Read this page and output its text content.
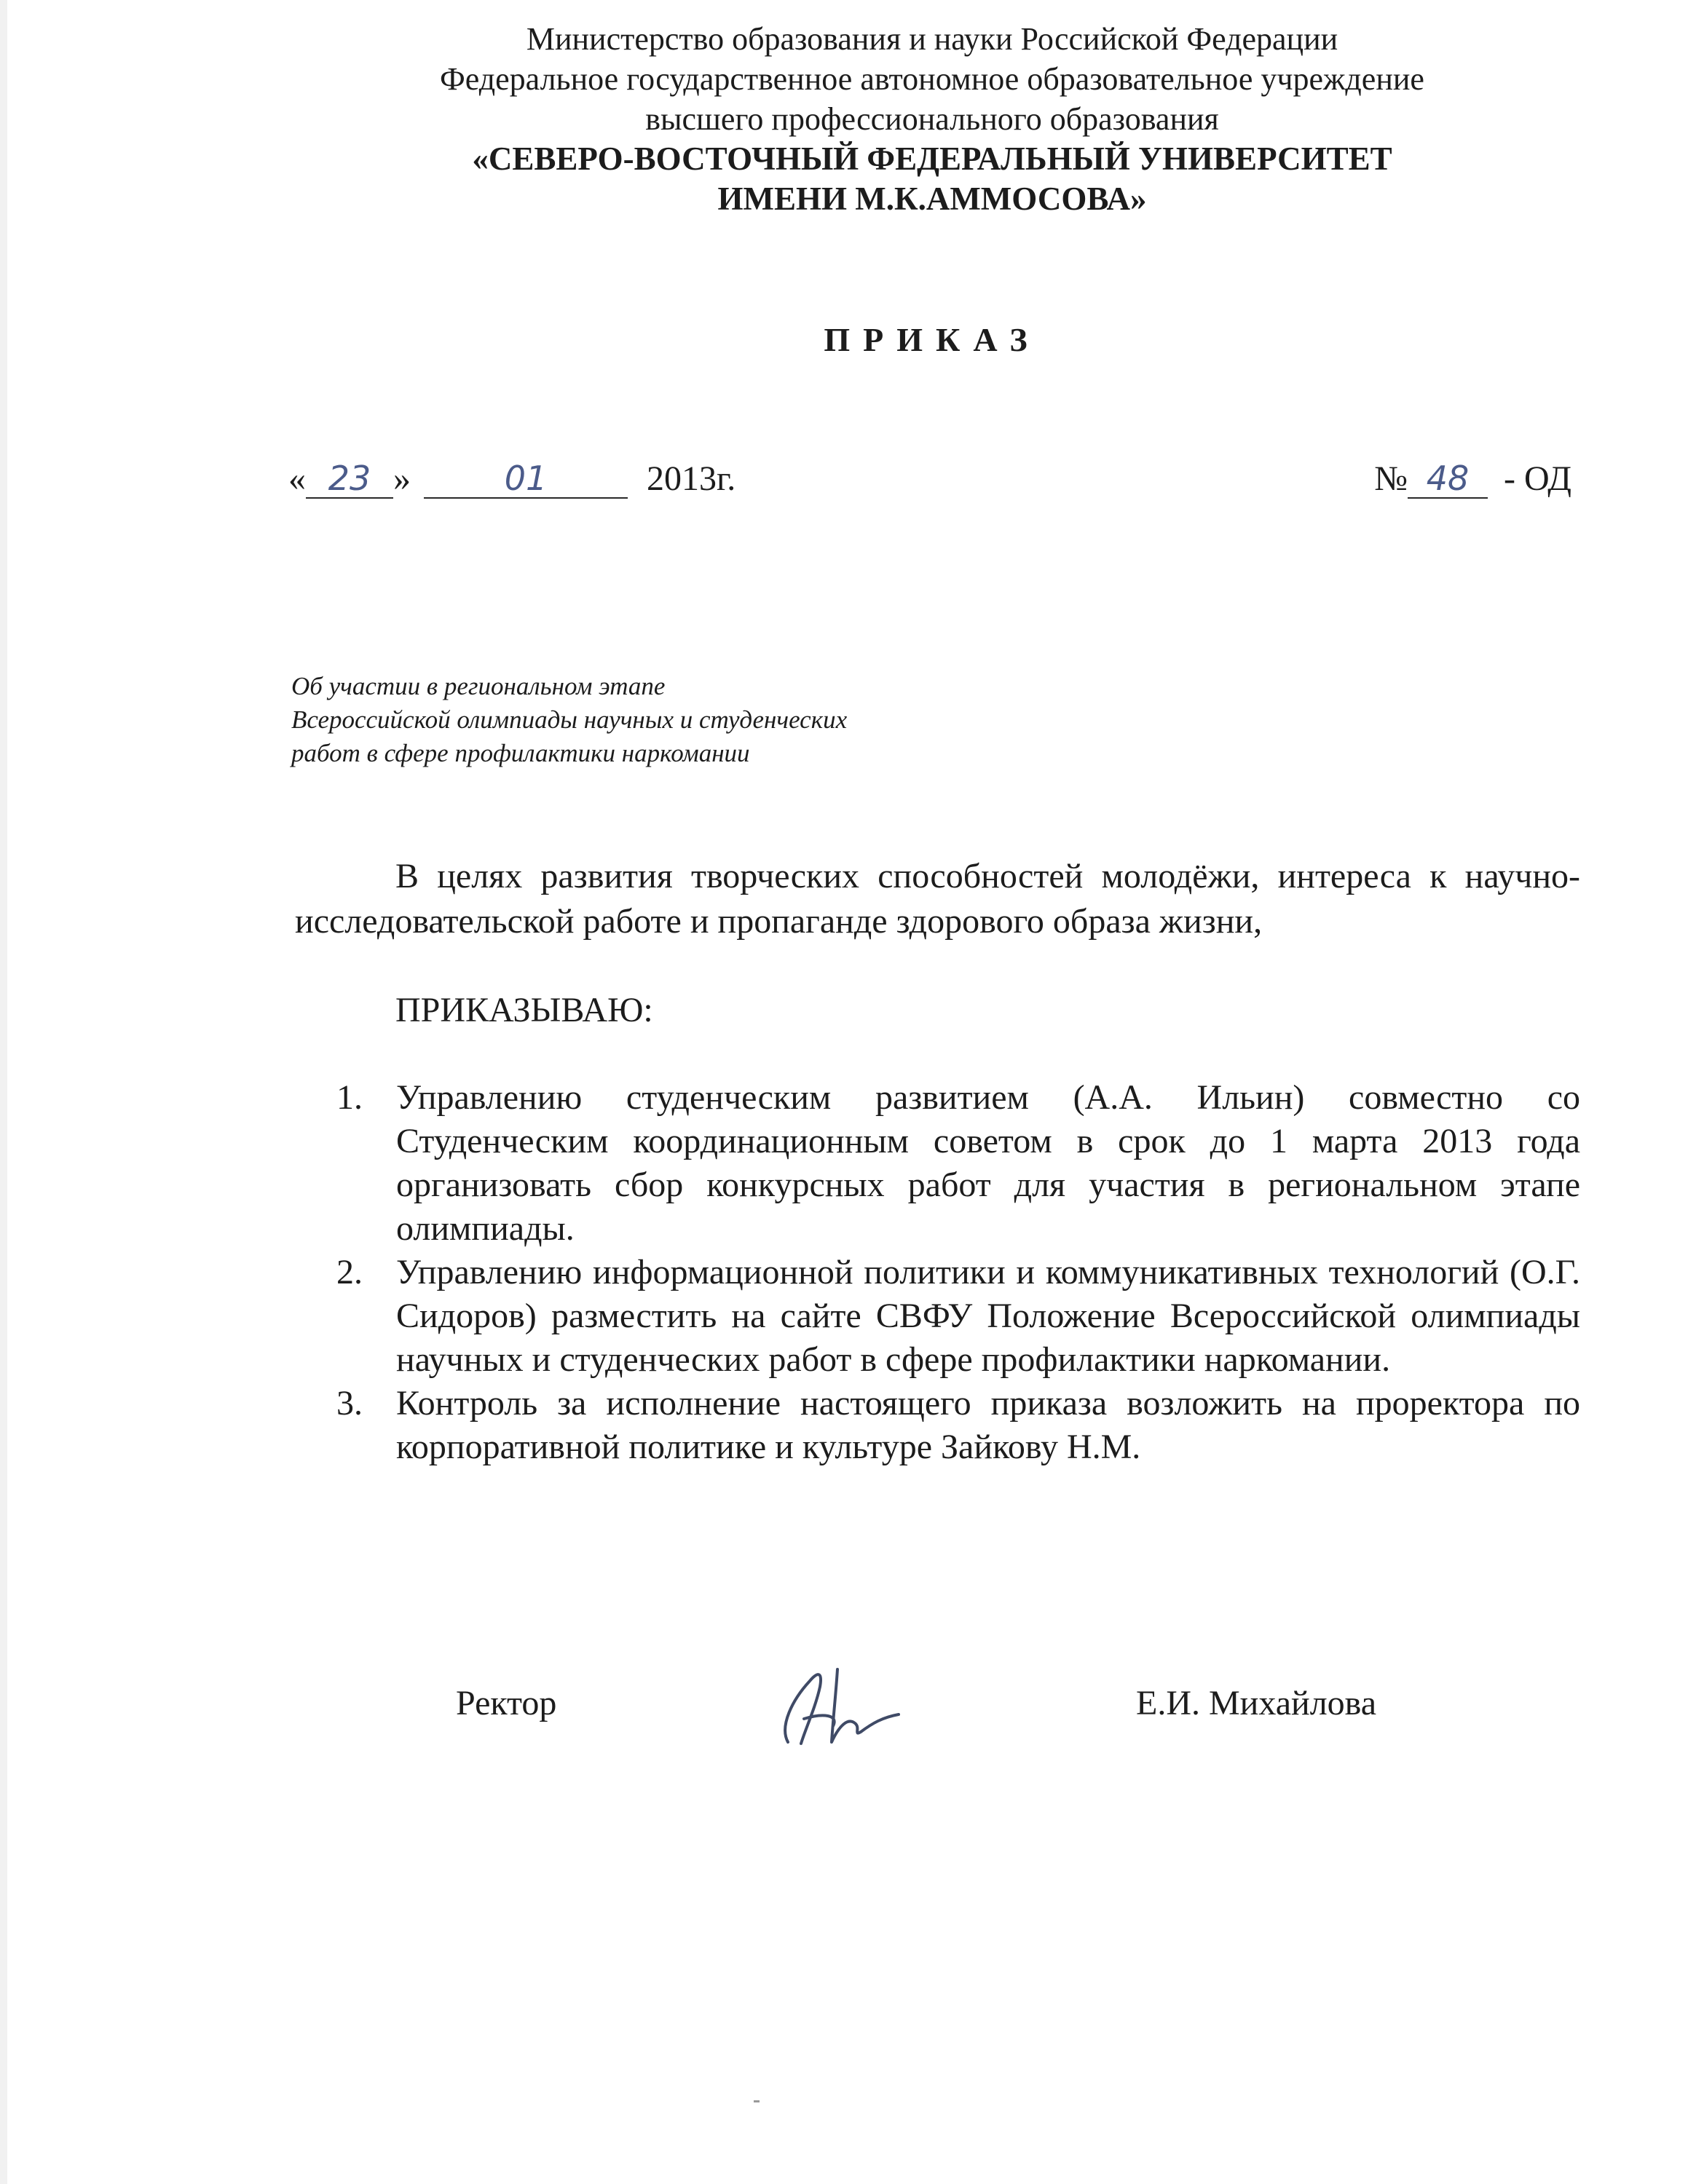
Министерство образования и науки Российской Федерации
Федеральное государственное автономное образовательное учреждение
высшего профессионального образования
«СЕВЕРО-ВОСТОЧНЫЙ ФЕДЕРАЛЬНЫЙ УНИВЕРСИТЕТ
ИМЕНИ М.К.АММОСОВА»
ПРИКАЗ
« 23 »	01	2013г.	№ 48 - ОД
Об участии в региональном этапе
Всероссийской олимпиады научных и студенческих
работ в сфере профилактики наркомании
В целях развития творческих способностей молодёжи, интереса к научно-исследовательской работе и пропаганде здорового образа жизни,
ПРИКАЗЫВАЮ:
1. Управлению студенческим развитием (А.А. Ильин) совместно со Студенческим координационным советом в срок до 1 марта 2013 года организовать сбор конкурсных работ для участия в региональном этапе олимпиады.
2. Управлению информационной политики и коммуникативных технологий (О.Г. Сидоров) разместить на сайте СВФУ Положение Всероссийской олимпиады научных и студенческих работ в сфере профилактики наркомании.
3. Контроль за исполнение настоящего приказа возложить на проректора по корпоративной политике и культуре Зайкову Н.М.
Ректор	Е.И. Михайлова
